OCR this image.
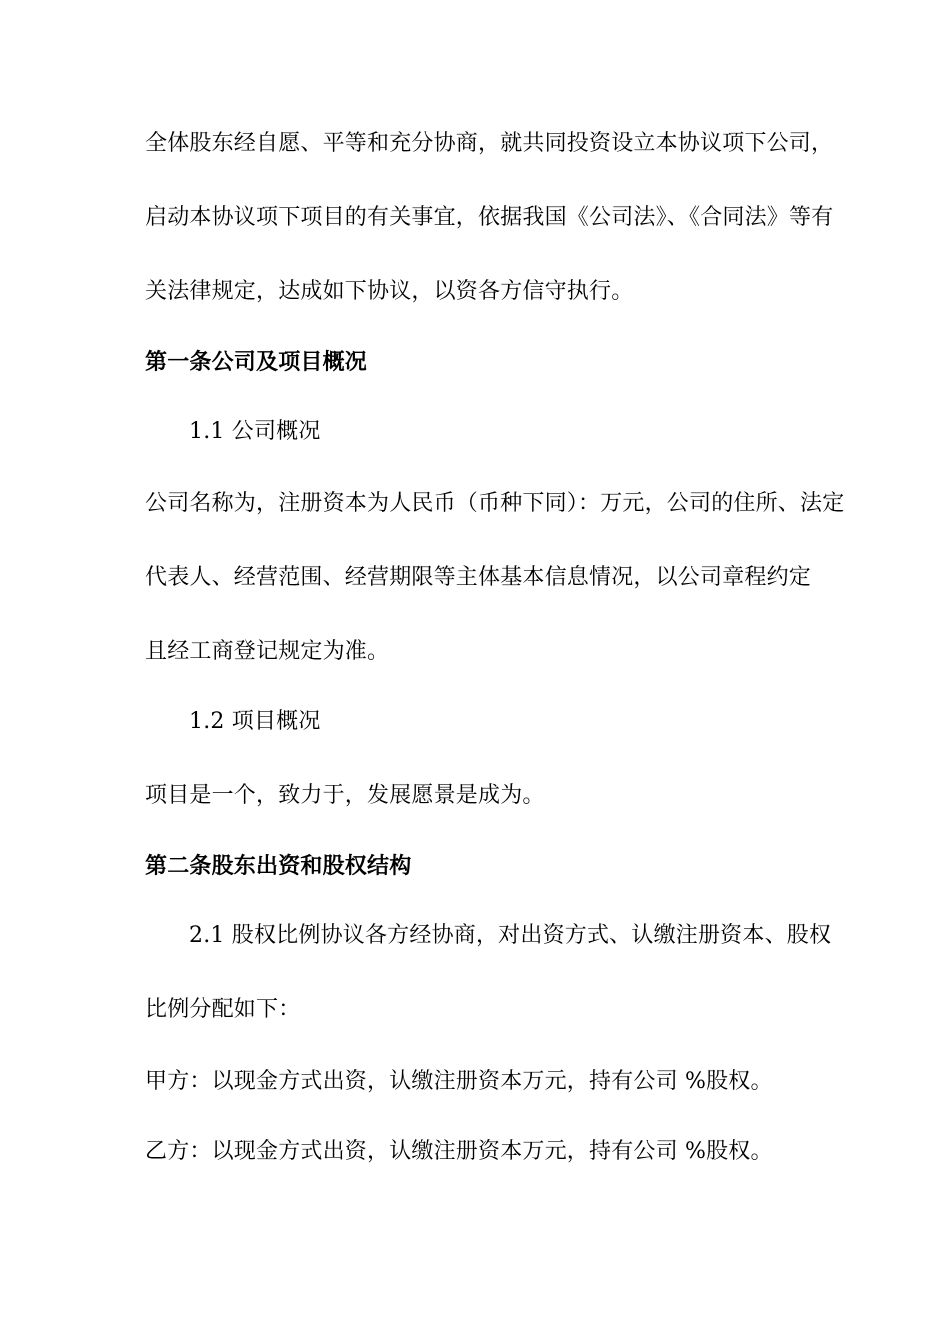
全体股东经自愿、平等和充分协商，就共同投资设立本协议项下公司，
启动本协议项下项目的有关事宜，依据我国《公司法》、《合同法》等有
关法律规定，达成如下协议，以资各方信守执行。
第一条公司及项目概况
1.1 公司概况
公司名称为，注册资本为人民币（币种下同）：万元，公司的住所、法定
代表人、经营范围、经营期限等主体基本信息情况，以公司章程约定
且经工商登记规定为准。
1.2 项目概况
项目是一个，致力于，发展愿景是成为。
第二条股东出资和股权结构
2.1 股权比例协议各方经协商，对出资方式、认缴注册资本、股权
比例分配如下：
甲方：以现金方式出资，认缴注册资本万元，持有公司 %股权。
乙方：以现金方式出资，认缴注册资本万元，持有公司 %股权。
